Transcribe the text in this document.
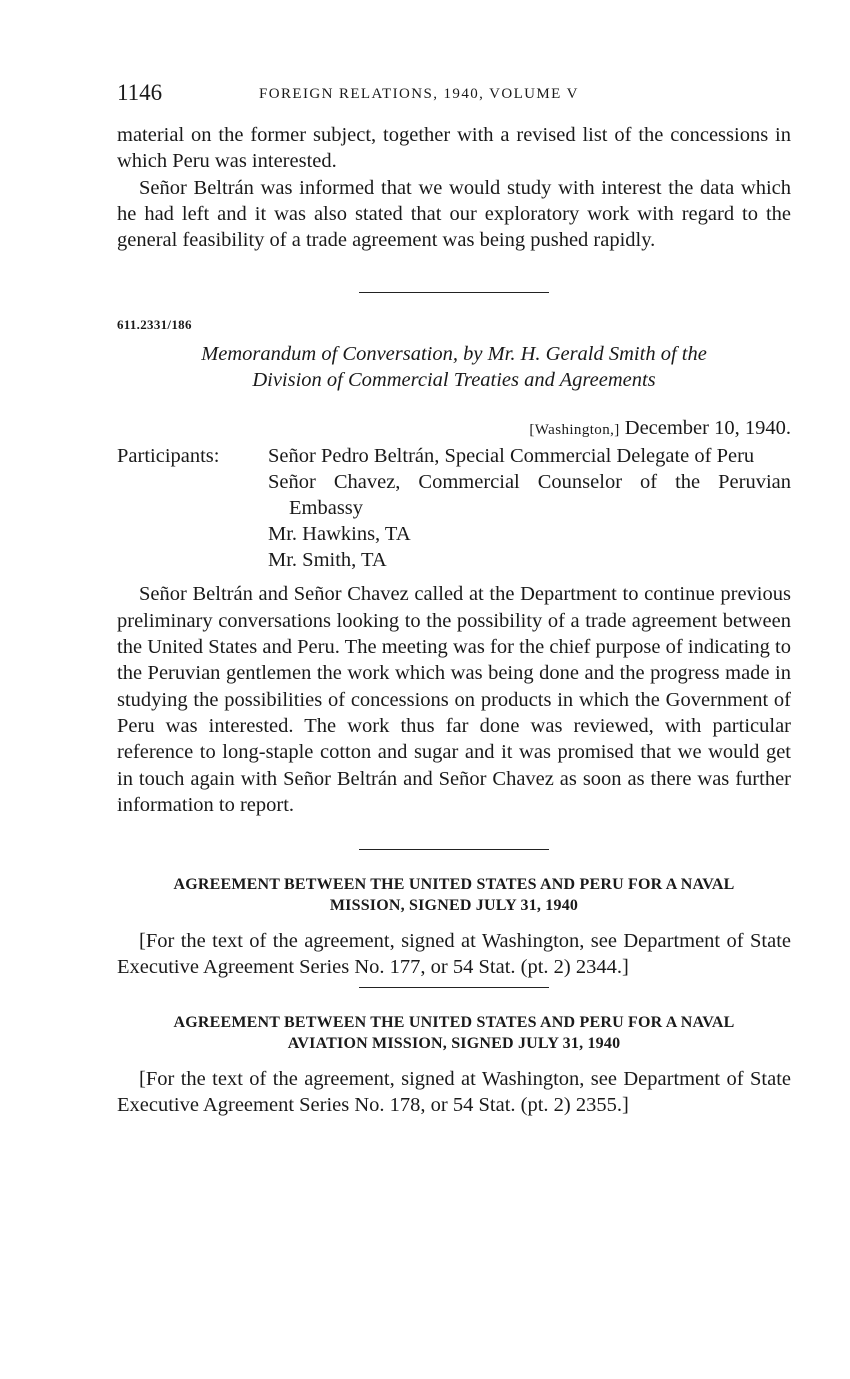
1146	FOREIGN RELATIONS, 1940, VOLUME V

material on the former subject, together with a revised list of the concessions in which Peru was interested.

Señor Beltrán was informed that we would study with interest the data which he had left and it was also stated that our exploratory work with regard to the general feasibility of a trade agreement was being pushed rapidly.

611.2331/186
Memorandum of Conversation, by Mr. H. Gerald Smith of the
Division of Commercial Treaties and Agreements
[Washington,] December 10, 1940.
Participants: Señor Pedro Beltrán, Special Commercial Delegate of Peru
Señor Chavez, Commercial Counselor of the Peruvian Embassy
Mr. Hawkins, TA
Mr. Smith, TA

Señor Beltrán and Señor Chavez called at the Department to continue previous preliminary conversations looking to the possibility of a trade agreement between the United States and Peru. The meeting was for the chief purpose of indicating to the Peruvian gentlemen the work which was being done and the progress made in studying the possibilities of concessions on products in which the Government of Peru was interested. The work thus far done was reviewed, with particular reference to long-staple cotton and sugar and it was promised that we would get in touch again with Señor Beltrán and Señor Chavez as soon as there was further information to report.

AGREEMENT BETWEEN THE UNITED STATES AND PERU FOR A NAVAL
MISSION, SIGNED JULY 31, 1940

[For the text of the agreement, signed at Washington, see Department of State Executive Agreement Series No. 177, or 54 Stat. (pt. 2) 2344.]

AGREEMENT BETWEEN THE UNITED STATES AND PERU FOR A NAVAL
AVIATION MISSION, SIGNED JULY 31, 1940

[For the text of the agreement, signed at Washington, see Department of State Executive Agreement Series No. 178, or 54 Stat. (pt. 2) 2355.]
